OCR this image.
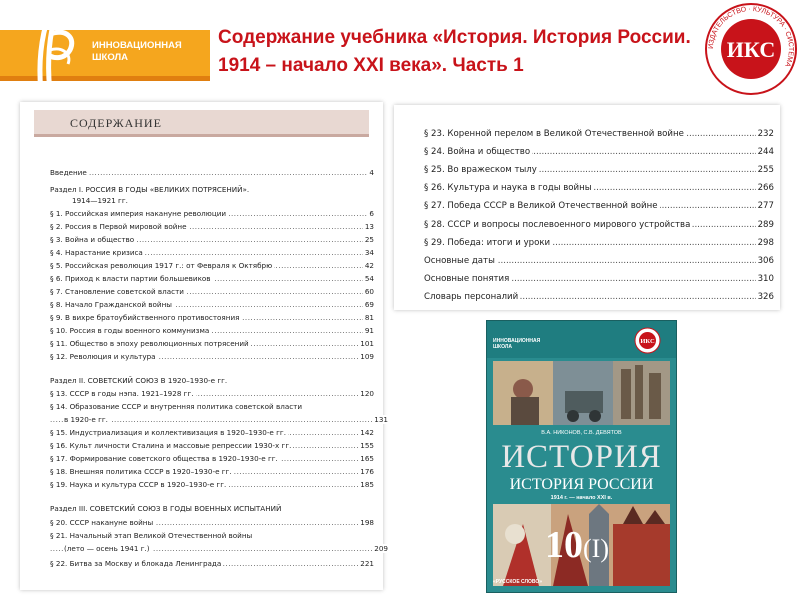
ИННОВАЦИОННАЯ
ШКОЛА
Содержание учебника «История. История России.
1914 – начало XXI века». Часть 1
ИЗДАТЕЛЬСТВО · КУЛЬТУРА · СИСТЕМА
ИКС
СОДЕРЖАНИЕ
..... Введение	4
Раздел I. РОССИЯ В ГОДЫ «ВЕЛИКИХ ПОТРЯСЕНИЙ».
1914—1921 гг.
..... § 1. Российская империя накануне революции	6
..... § 2. Россия в Первой мировой войне	13
..... § 3. Война и общество	25
..... § 4. Нарастание кризиса	34
..... § 5. Российская революция 1917 г.: от Февраля к Октябрю	42
..... § 6. Приход к власти партии большевиков	54
..... § 7. Становление советской власти	60
..... § 8. Начало Гражданской войны	69
..... § 9. В вихре братоубийственного противостояния	81
..... § 10. Россия в годы военного коммунизма	91
..... § 11. Общество в эпоху революционных потрясений	101
..... § 12. Революция и культура	109
Раздел II. СОВЕТСКИЙ СОЮЗ В 1920–1930-е гг.
..... § 13. СССР в годы нэпа. 1921–1928 гг.	120
§ 14. Образование СССР и внутренняя политика советской власти
..... в 1920-е гг.	131
..... § 15. Индустриализация и коллективизация в 1920–1930-е гг.	142
..... § 16. Культ личности Сталина и массовые репрессии 1930-х гг.	155
..... § 17. Формирование советского общества в 1920–1930-е гг.	165
..... § 18. Внешняя политика СССР в 1920–1930-е гг.	176
..... § 19. Наука и культура СССР в 1920–1930-е гг.	185
Раздел III. СОВЕТСКИЙ СОЮЗ В ГОДЫ ВОЕННЫХ ИСПЫТАНИЙ
..... § 20. СССР накануне войны	198
§ 21. Начальный этап Великой Отечественной войны
..... (лето — осень 1941 г.)	209
..... § 22. Битва за Москву и блокада Ленинграда	221
..... § 23. Коренной перелом в Великой Отечественной войне	232
..... § 24. Война и общество	244
..... § 25. Во вражеском тылу	255
..... § 26. Культура и наука в годы войны	266
..... § 27. Победа СССР в Великой Отечественной войне	277
..... § 28. СССР и вопросы послевоенного мирового устройства	289
..... § 29. Победа: итоги и уроки	298
..... Основные даты	306
..... Основные понятия	310
..... Словарь персоналий	326
ИННОВАЦИОННАЯ
ШКОЛА
ИКС
В.А. НИКОНОВ, С.В. ДЕВЯТОВ
ИСТОРИЯ
ИСТОРИЯ РОССИИ
1914 г. — начало XXI в.
10(I)
«РУССКОЕ СЛОВО»
